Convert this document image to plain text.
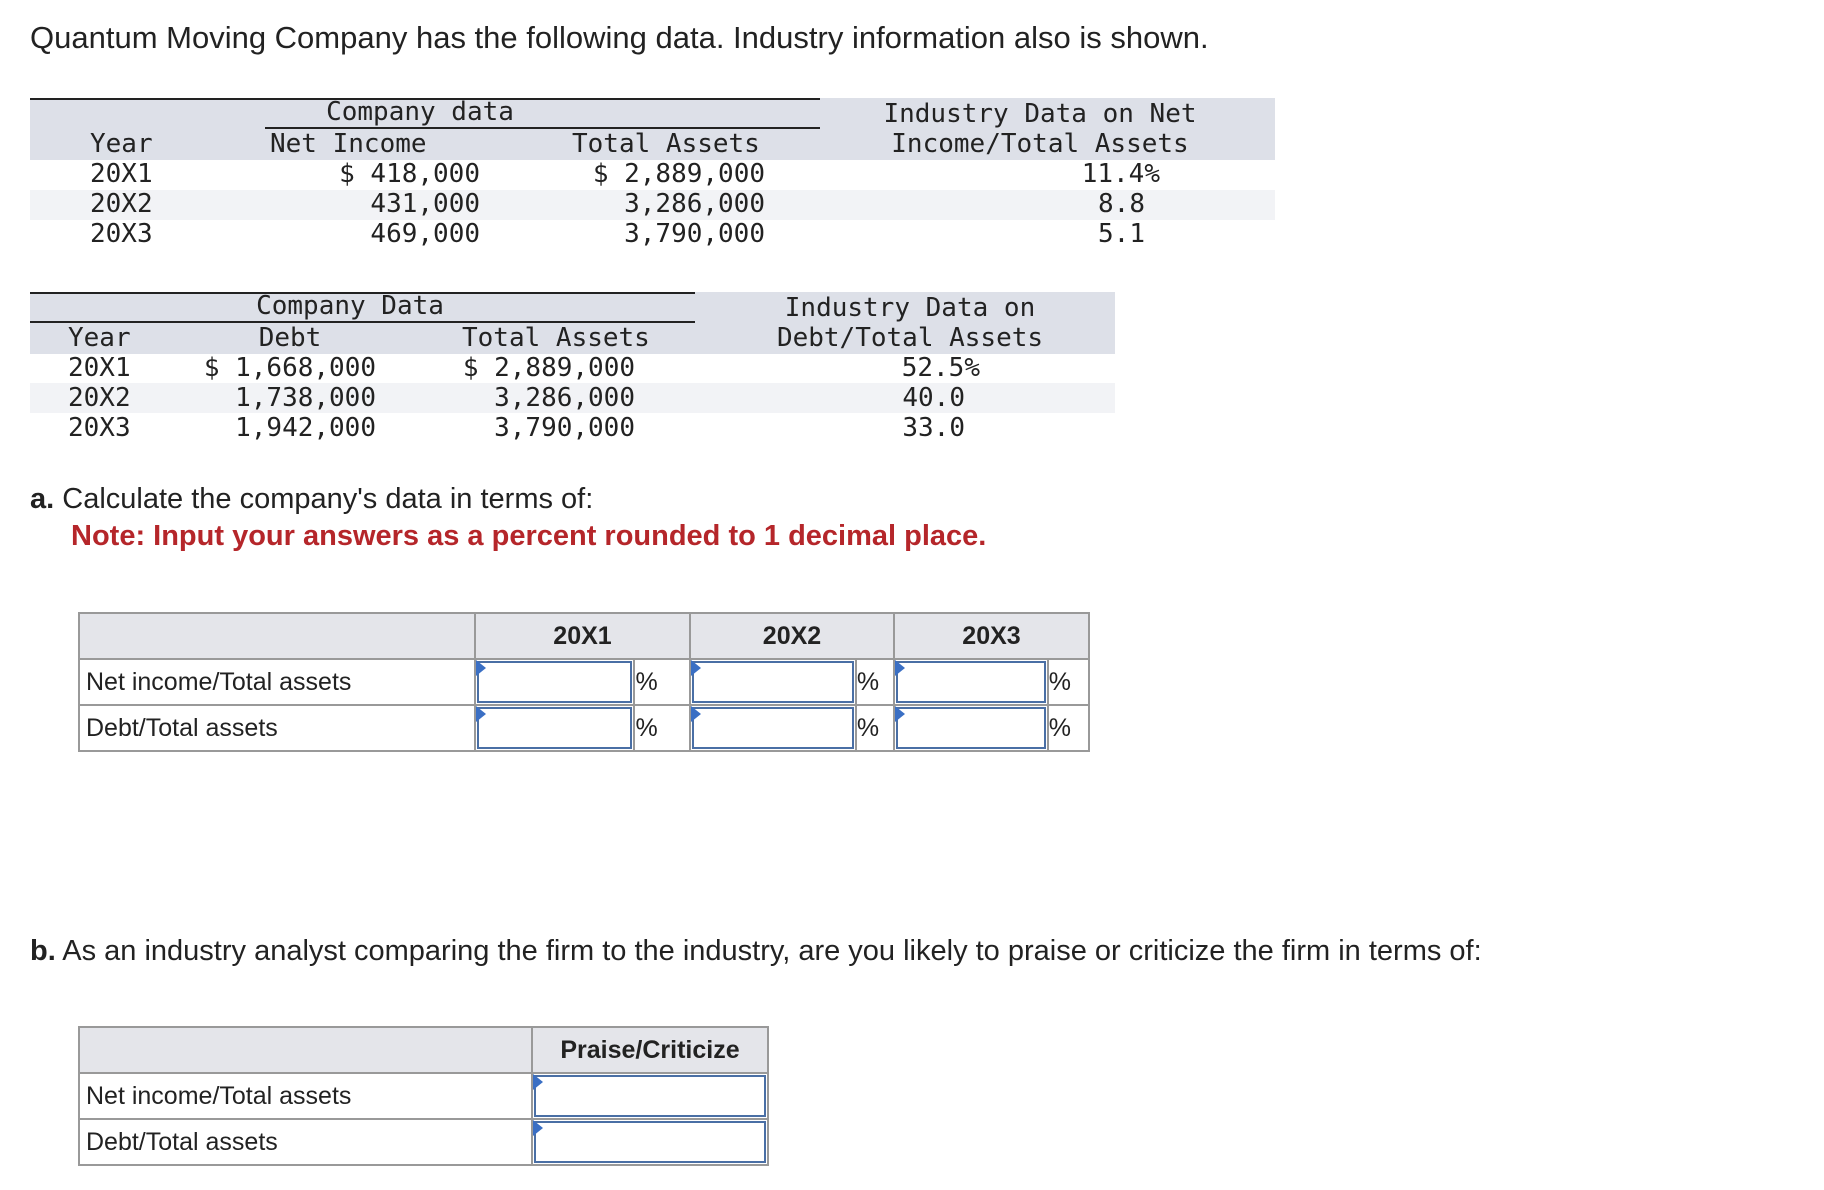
Quantum Moving Company has the following data. Industry information also is shown.
Company data	Industry Data on Net
Income/Total Assets
Year	Net Income	Total Assets
20X1	$ 418,000	$ 2,889,000	11.4%
20X2	431,000	3,286,000	8.8
20X3	469,000	3,790,000	5.1
Company Data	Industry Data on
Debt/Total Assets
Year	Debt	Total Assets
20X1	$ 1,668,000	$ 2,889,000	52.5%
20X2	1,738,000	3,286,000	40.0
20X3	1,942,000	3,790,000	33.0
a. Calculate the company's data in terms of:
Note: Input your answers as a percent rounded to 1 decimal place.
	20X1		20X2		20X3	
Net income/Total assets		%		%		%
Debt/Total assets		%		%		%
b. As an industry analyst comparing the firm to the industry, are you likely to praise or criticize the firm in terms of:
	Praise/Criticize
Net income/Total assets	

Debt/Total assets	
